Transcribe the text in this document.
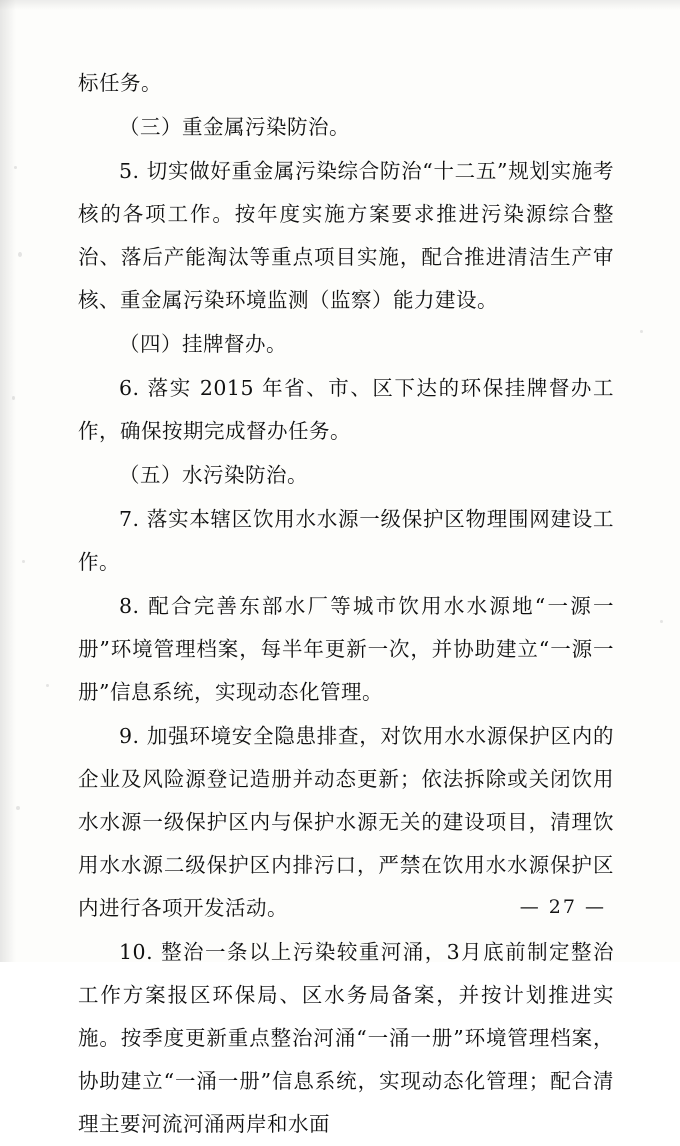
标任务。

（三）重金属污染防治。

5. 切实做好重金属污染综合防治“十二五”规划实施考核的各项工作。按年度实施方案要求推进污染源综合整治、落后产能淘汰等重点项目实施，配合推进清洁生产审核、重金属污染环境监测（监察）能力建设。

（四）挂牌督办。

6. 落实 2015 年省、市、区下达的环保挂牌督办工作，确保按期完成督办任务。

（五）水污染防治。

7. 落实本辖区饮用水水源一级保护区物理围网建设工作。

8. 配合完善东部水厂等城市饮用水水源地“一源一册”环境管理档案，每半年更新一次，并协助建立“一源一册”信息系统，实现动态化管理。

9. 加强环境安全隐患排查，对饮用水水源保护区内的企业及风险源登记造册并动态更新；依法拆除或关闭饮用水水源一级保护区内与保护水源无关的建设项目，清理饮用水水源二级保护区内排污口，严禁在饮用水水源保护区内进行各项开发活动。

10. 整治一条以上污染较重河涌，3月底前制定整治工作方案报区环保局、区水务局备案，并按计划推进实施。按季度更新重点整治河涌“一涌一册”环境管理档案，协助建立“一涌一册”信息系统，实现动态化管理；配合清理主要河流河涌两岸和水面

— 27 —
